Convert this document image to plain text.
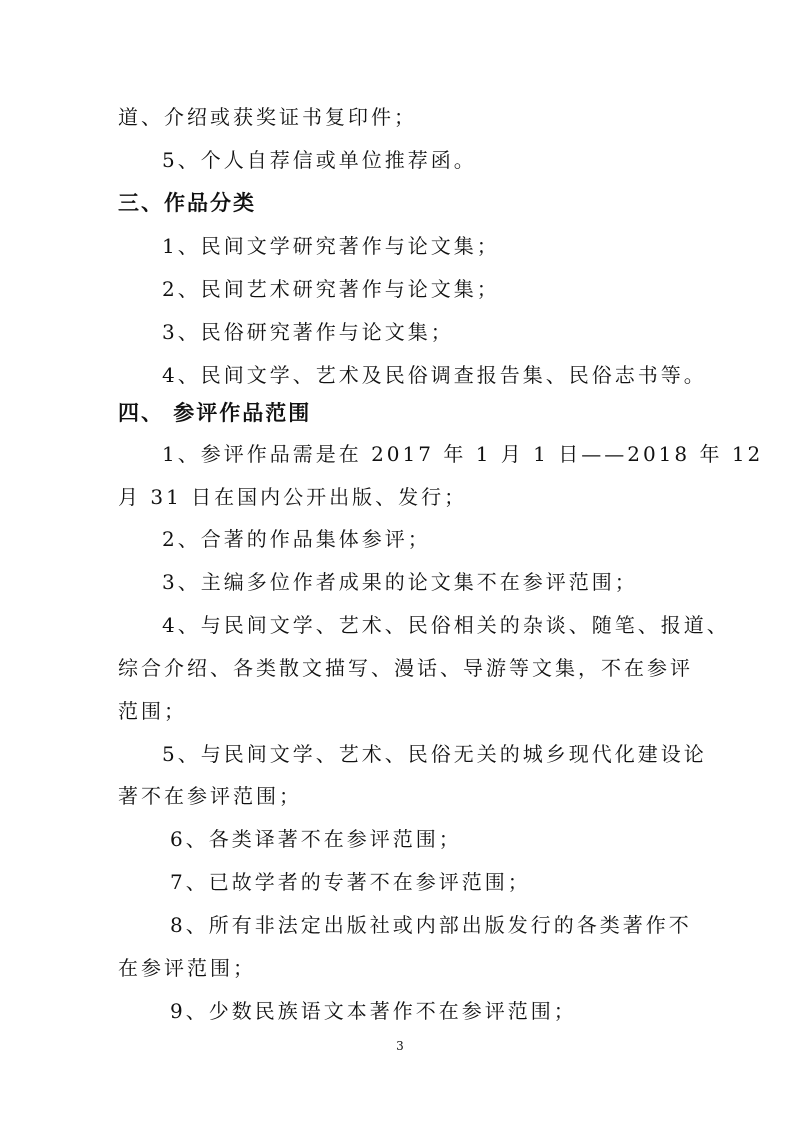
道、介绍或获奖证书复印件；
5、个人自荐信或单位推荐函。
三、作品分类
1、民间文学研究著作与论文集；
2、民间艺术研究著作与论文集；
3、民俗研究著作与论文集；
4、民间文学、艺术及民俗调查报告集、民俗志书等。
四、 参评作品范围
1、参评作品需是在 2017 年 1 月 1 日——2018 年 12
月 31 日在国内公开出版、发行；
2、合著的作品集体参评；
3、主编多位作者成果的论文集不在参评范围；
4、与民间文学、艺术、民俗相关的杂谈、随笔、报道、
综合介绍、各类散文描写、漫话、导游等文集，不在参评
范围；
5、与民间文学、艺术、民俗无关的城乡现代化建设论
著不在参评范围；
6、各类译著不在参评范围；
7、已故学者的专著不在参评范围；
8、所有非法定出版社或内部出版发行的各类著作不
在参评范围；
9、少数民族语文本著作不在参评范围；
3
